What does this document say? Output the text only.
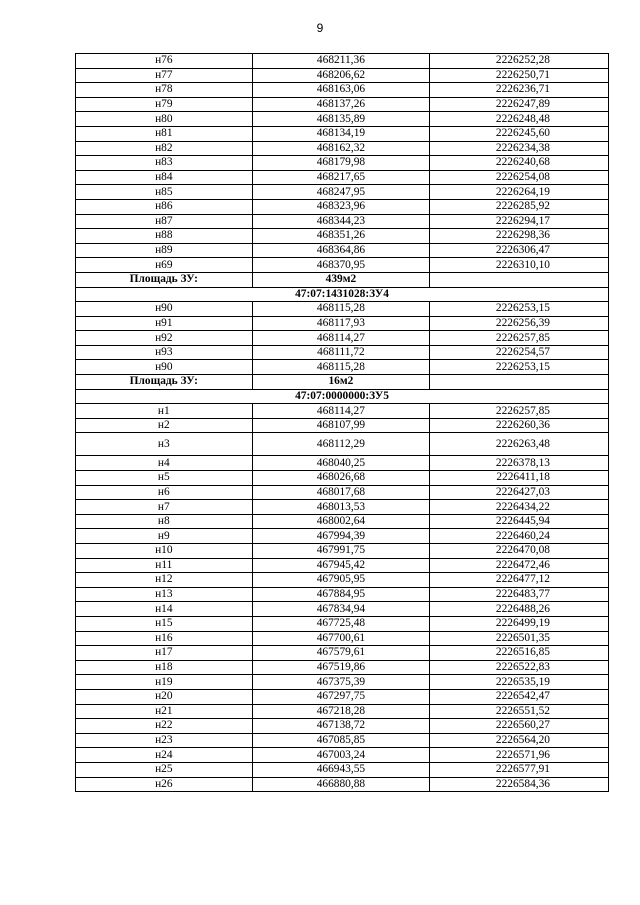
9
н76	468211,36	2226252,28
н77	468206,62	2226250,71
н78	468163,06	2226236,71
н79	468137,26	2226247,89
н80	468135,89	2226248,48
н81	468134,19	2226245,60
н82	468162,32	2226234,38
н83	468179,98	2226240,68
н84	468217,65	2226254,08
н85	468247,95	2226264,19
н86	468323,96	2226285,92
н87	468344,23	2226294,17
н88	468351,26	2226298,36
н89	468364,86	2226306,47
н69	468370,95	2226310,10
Площадь ЗУ:	439м2	
47:07:1431028:ЗУ4		
н90	468115,28	2226253,15
н91	468117,93	2226256,39
н92	468114,27	2226257,85
н93	468111,72	2226254,57
н90	468115,28	2226253,15
Площадь ЗУ:	16м2	
47:07:0000000:ЗУ5		
н1	468114,27	2226257,85
н2	468107,99	2226260,36
н3	468112,29	2226263,48
н4	468040,25	2226378,13
н5	468026,68	2226411,18
н6	468017,68	2226427,03
н7	468013,53	2226434,22
н8	468002,64	2226445,94
н9	467994,39	2226460,24
н10	467991,75	2226470,08
н11	467945,42	2226472,46
н12	467905,95	2226477,12
н13	467884,95	2226483,77
н14	467834,94	2226488,26
н15	467725,48	2226499,19
н16	467700,61	2226501,35
н17	467579,61	2226516,85
н18	467519,86	2226522,83
н19	467375,39	2226535,19
н20	467297,75	2226542,47
н21	467218,28	2226551,52
н22	467138,72	2226560,27
н23	467085,85	2226564,20
н24	467003,24	2226571,96
н25	466943,55	2226577,91
н26	466880,88	2226584,36
